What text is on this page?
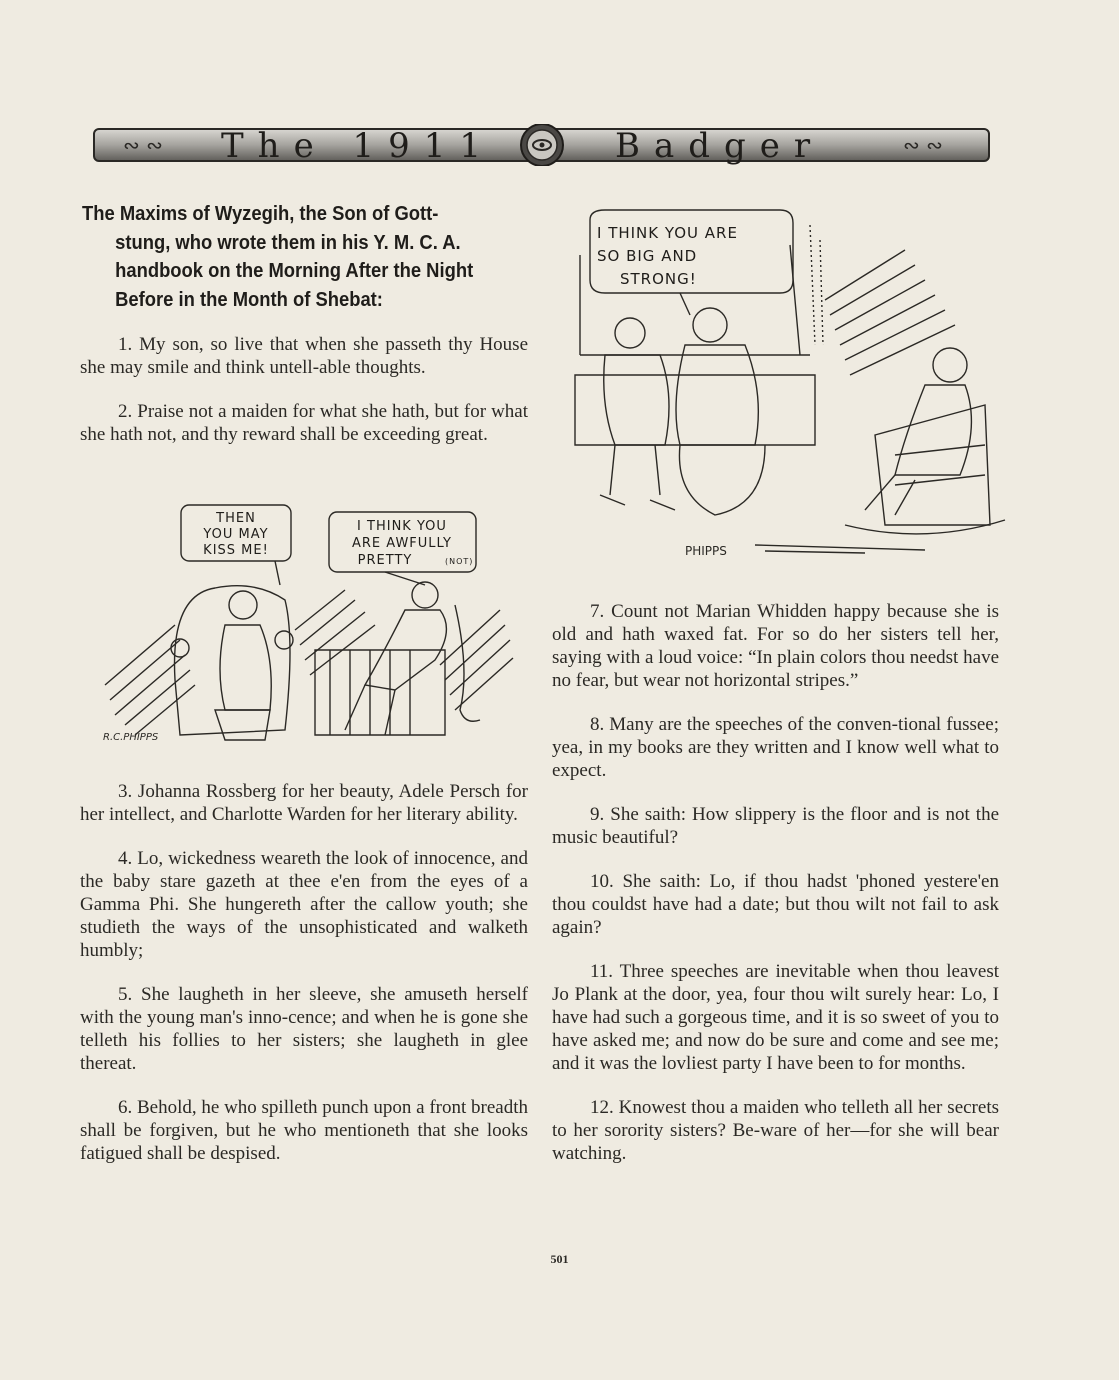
∾ ∾	∾ ∾
The 1911	Badger
The Maxims of Wyzegih, the Son of Gott-
stung, who wrote them in his Y. M. C. A.
handbook on the Morning After the Night
Before in the Month of Shebat:

1. My son, so live that when she passeth thy House she may smile and think untell-able thoughts.

2. Praise not a maiden for what she hath, but for what she hath not, and thy reward shall be exceeding great.

THEN
YOU MAY
KISS ME!
I THINK YOU
ARE AWFULLY
PRETTY	(NOT)
R.C.PHIPPS

3. Johanna Rossberg for her beauty, Adele Persch for her intellect, and Charlotte Warden for her literary ability.

4. Lo, wickedness weareth the look of innocence, and the baby stare gazeth at thee e'en from the eyes of a Gamma Phi. She hungereth after the callow youth; she studieth the ways of the unsophisticated and walketh humbly;

5. She laugheth in her sleeve, she amuseth herself with the young man's inno-cence; and when he is gone she telleth his follies to her sisters; she laugheth in glee thereat.

6. Behold, he who spilleth punch upon a front breadth shall be forgiven, but he who mentioneth that she looks fatigued shall be despised.

I THINK YOU ARE
SO BIG AND
STRONG!
PHIPPS

7. Count not Marian Whidden happy because she is old and hath waxed fat. For so do her sisters tell her, saying with a loud voice: “In plain colors thou needst have no fear, but wear not horizontal stripes.”

8. Many are the speeches of the conven-tional fussee; yea, in my books are they written and I know well what to expect.

9. She saith: How slippery is the floor and is not the music beautiful?

10. She saith: Lo, if thou hadst 'phoned yestere'en thou couldst have had a date; but thou wilt not fail to ask again?

11. Three speeches are inevitable when thou leavest Jo Plank at the door, yea, four thou wilt surely hear: Lo, I have had such a gorgeous time, and it is so sweet of you to have asked me; and now do be sure and come and see me; and it was the lovliest party I have been to for months.

12. Knowest thou a maiden who telleth all her secrets to her sorority sisters? Be-ware of her—for she will bear watching.

501
